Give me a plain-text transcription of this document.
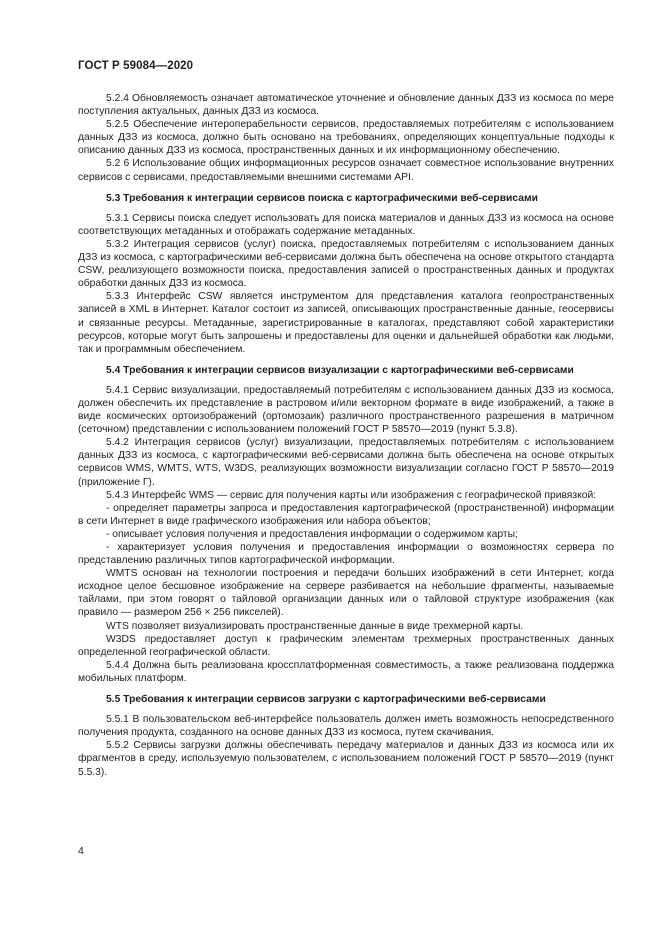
ГОСТ Р 59084—2020

5.2.4 Обновляемость означает автоматическое уточнение и обновление данных ДЗЗ из космоса по мере поступления актуальных, данных ДЗЗ из космоса.

5.2.5 Обеспечение интероперабельности сервисов, предоставляемых потребителям с использованием данных ДЗЗ из космоса, должно быть основано на требованиях, определяющих концептуальные подходы к описанию данных ДЗЗ из космоса, пространственных данных и их информационному обеспечению.

5.2 6 Использование общих информационных ресурсов означает совместное использование внутренних сервисов с сервисами, предоставляемыми внешними системами API.

5.3 Требования к интеграции сервисов поиска с картографическими веб-сервисами

5.3.1 Сервисы поиска следует использовать для поиска материалов и данных ДЗЗ из космоса на основе соответствующих метаданных и отображать содержание метаданных.

5.3.2 Интеграция сервисов (услуг) поиска, предоставляемых потребителям с использованием данных ДЗЗ из космоса, с картографическими веб-сервисами должна быть обеспечена на основе открытого стандарта CSW, реализующего возможности поиска, предоставления записей о пространственных данных и продуктах обработки данных ДЗЗ из космоса.

5.3.3 Интерфейс CSW является инструментом для представления каталога геопространственных записей в XML в Интернет. Каталог состоит из записей, описывающих пространственные данные, геосервисы и связанные ресурсы. Метаданные, зарегистрированные в каталогах, представляют собой характеристики ресурсов, которые могут быть запрошены и предоставлены для оценки и дальнейшей обработки как людьми, так и программным обеспечением.

5.4 Требования к интеграции сервисов визуализации с картографическими веб-сервисами

5.4.1 Сервис визуализации, предоставляемый потребителям с использованием данных ДЗЗ из космоса, должен обеспечить их представление в растровом и/или векторном формате в виде изображений, а также в виде космических ортоизображений (ортомозаик) различного пространственного разрешения в матричном (сеточном) представлении с использованием положений ГОСТ Р 58570—2019 (пункт 5.3.8).

5.4.2 Интеграция сервисов (услуг) визуализации, предоставляемых потребителям с использованием данных ДЗЗ из космоса, с картографическими веб-сервисами должна быть обеспечена на основе открытых сервисов WMS, WMTS, WTS, W3DS, реализующих возможности визуализации согласно ГОСТ Р 58570—2019 (приложение Г).

5.4.3 Интерфейс WMS — сервис для получения карты или изображения с географической привязкой:

- определяет параметры запроса и предоставления картографической (пространственной) информации в сети Интернет в виде графического изображения или набора объектов;

- описывает условия получения и предоставления информации о содержимом карты;

- характеризует условия получения и предоставления информации о возможностях сервера по представлению различных типов картографической информации.

WMTS основан на технологии построения и передачи больших изображений в сети Интернет, когда исходное целое бесшовное изображение на сервере разбивается на небольшие фрагменты, называемые тайлами, при этом говорят о тайловой организации данных или о тайловой структуре изображения (как правило — размером 256 × 256 пикселей).

WTS позволяет визуализировать пространственные данные в виде трехмерной карты.

W3DS предоставляет доступ к графическим элементам трехмерных пространственных данных определенной географической области.

5.4.4 Должна быть реализована кроссплатформенная совместимость, а также реализована поддержка мобильных платформ.

5.5 Требования к интеграции сервисов загрузки с картографическими веб-сервисами

5.5.1 В пользовательском веб-интерфейсе пользователь должен иметь возможность непосредственного получения продукта, созданного на основе данных ДЗЗ из космоса, путем скачивания.

5.5.2 Сервисы загрузки должны обеспечивать передачу материалов и данных ДЗЗ из космоса или их фрагментов в среду, используемую пользователем, с использованием положений ГОСТ Р 58570—2019 (пункт 5.5.3).

4
